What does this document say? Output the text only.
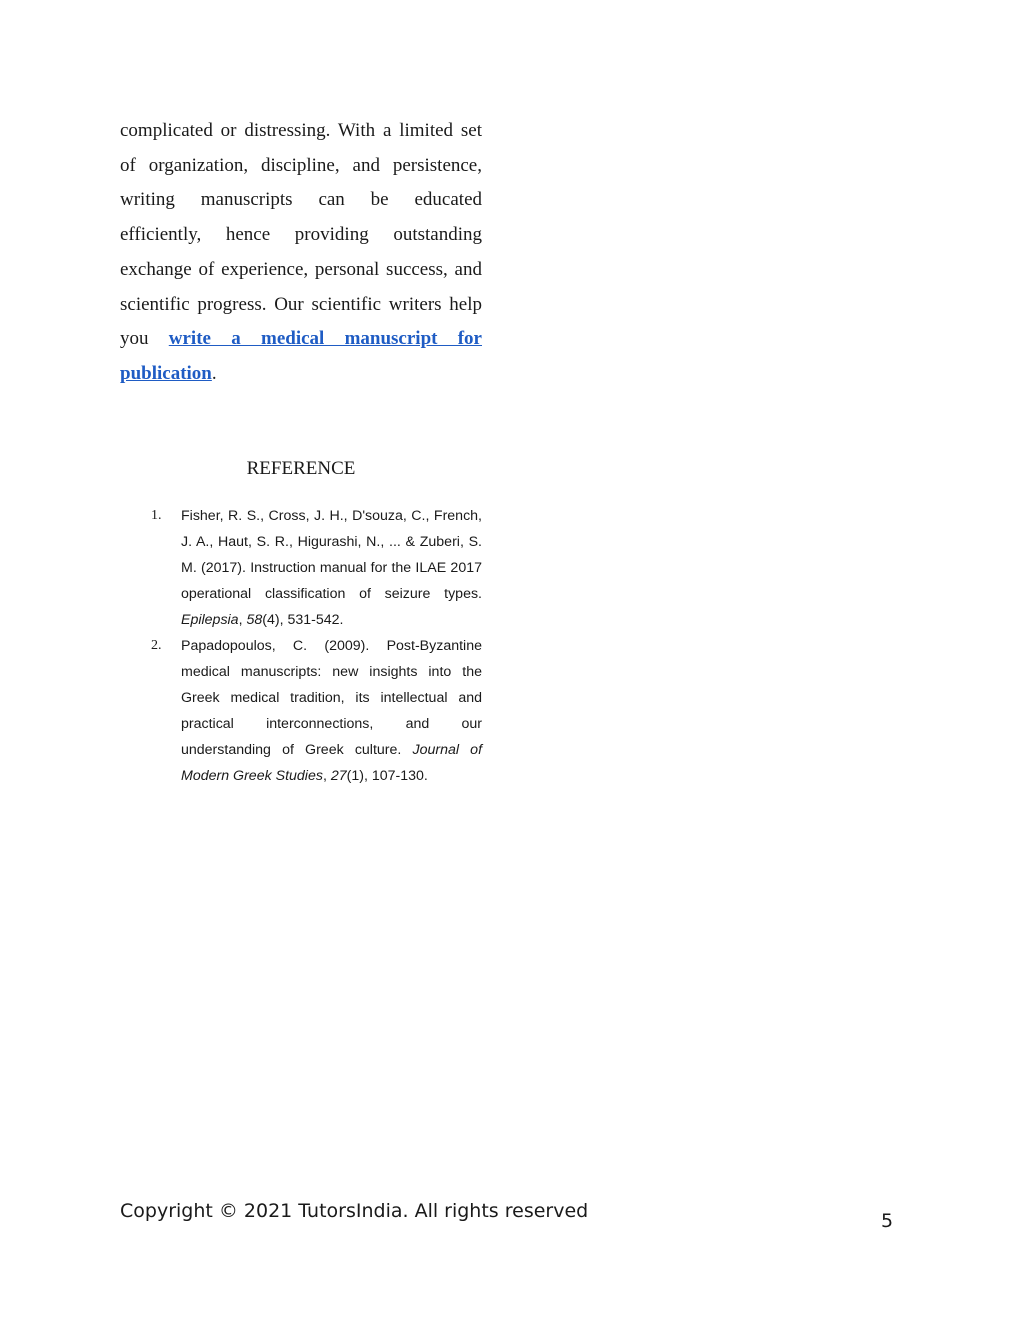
complicated or distressing. With a limited set of organization, discipline, and persistence, writing manuscripts can be educated efficiently, hence providing outstanding exchange of experience, personal success, and scientific progress. Our scientific writers help you write a medical manuscript for publication.

REFERENCE
1. Fisher, R. S., Cross, J. H., D'souza, C., French, J. A., Haut, S. R., Higurashi, N., ... & Zuberi, S. M. (2017). Instruction manual for the ILAE 2017 operational classification of seizure types. Epilepsia, 58(4), 531-542.
2. Papadopoulos, C. (2009). Post-Byzantine medical manuscripts: new insights into the Greek medical tradition, its intellectual and practical interconnections, and our understanding of Greek culture. Journal of Modern Greek Studies, 27(1), 107-130.

Copyright © 2021 TutorsIndia. All rights reserved	5
